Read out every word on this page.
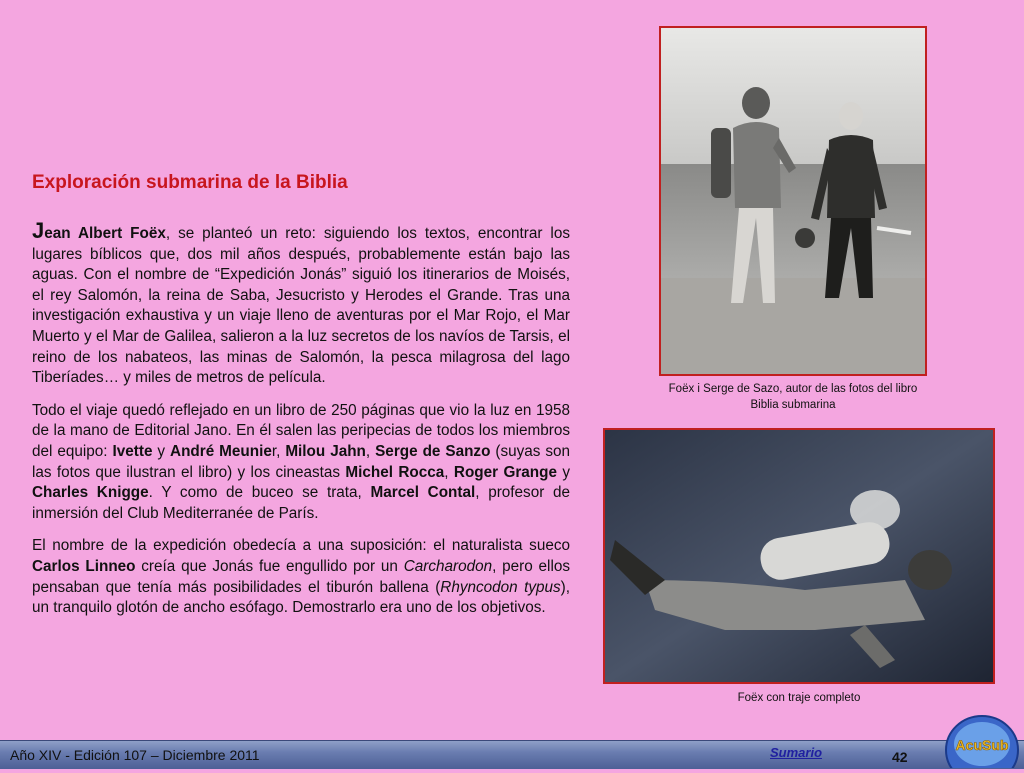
Exploración submarina de la Biblia

Jean Albert Foëx, se planteó un reto: siguiendo los textos, encontrar los lugares bíblicos que, dos mil años después, probablemente están bajo las aguas. Con el nombre de “Expedición Jonás” siguió los itinerarios de Moisés, el rey Salomón, la reina de Saba, Jesucristo y Herodes el Grande. Tras una investigación exhaustiva y un viaje lleno de aventuras por el Mar Rojo, el Mar Muerto y el Mar de Galilea, salieron a la luz secretos de los navíos de Tarsis, el reino de los nabateos, las minas de Salomón, la pesca milagrosa del lago Tiberíades… y miles de metros de película.

Todo el viaje quedó reflejado en un libro de 250 páginas que vio la luz en 1958 de la mano de Editorial Jano. En él salen las peripecias de todos los miembros del equipo: Ivette y André Meunier, Milou Jahn, Serge de Sanzo (suyas son las fotos que ilustran el libro) y los cineastas Michel Rocca, Roger Grange y Charles Knigge. Y como de buceo se trata, Marcel Contal, profesor de inmersión del Club Mediterranée de París.

El nombre de la expedición obedecía a una suposición: el naturalista sueco Carlos Linneo creía que Jonás fue engullido por un Carcharodon, pero ellos pensaban que tenía más posibilidades el tiburón ballena (Rhyncodon typus), un tranquilo glotón de ancho esófago. Demostrarlo era uno de los objetivos.

Foëx i Serge de Sazo, autor de las fotos del libro Biblia submarina
Foëx con traje completo
Año XIV - Edición 107 – Diciembre 2011	Sumario	42
AcuSub
